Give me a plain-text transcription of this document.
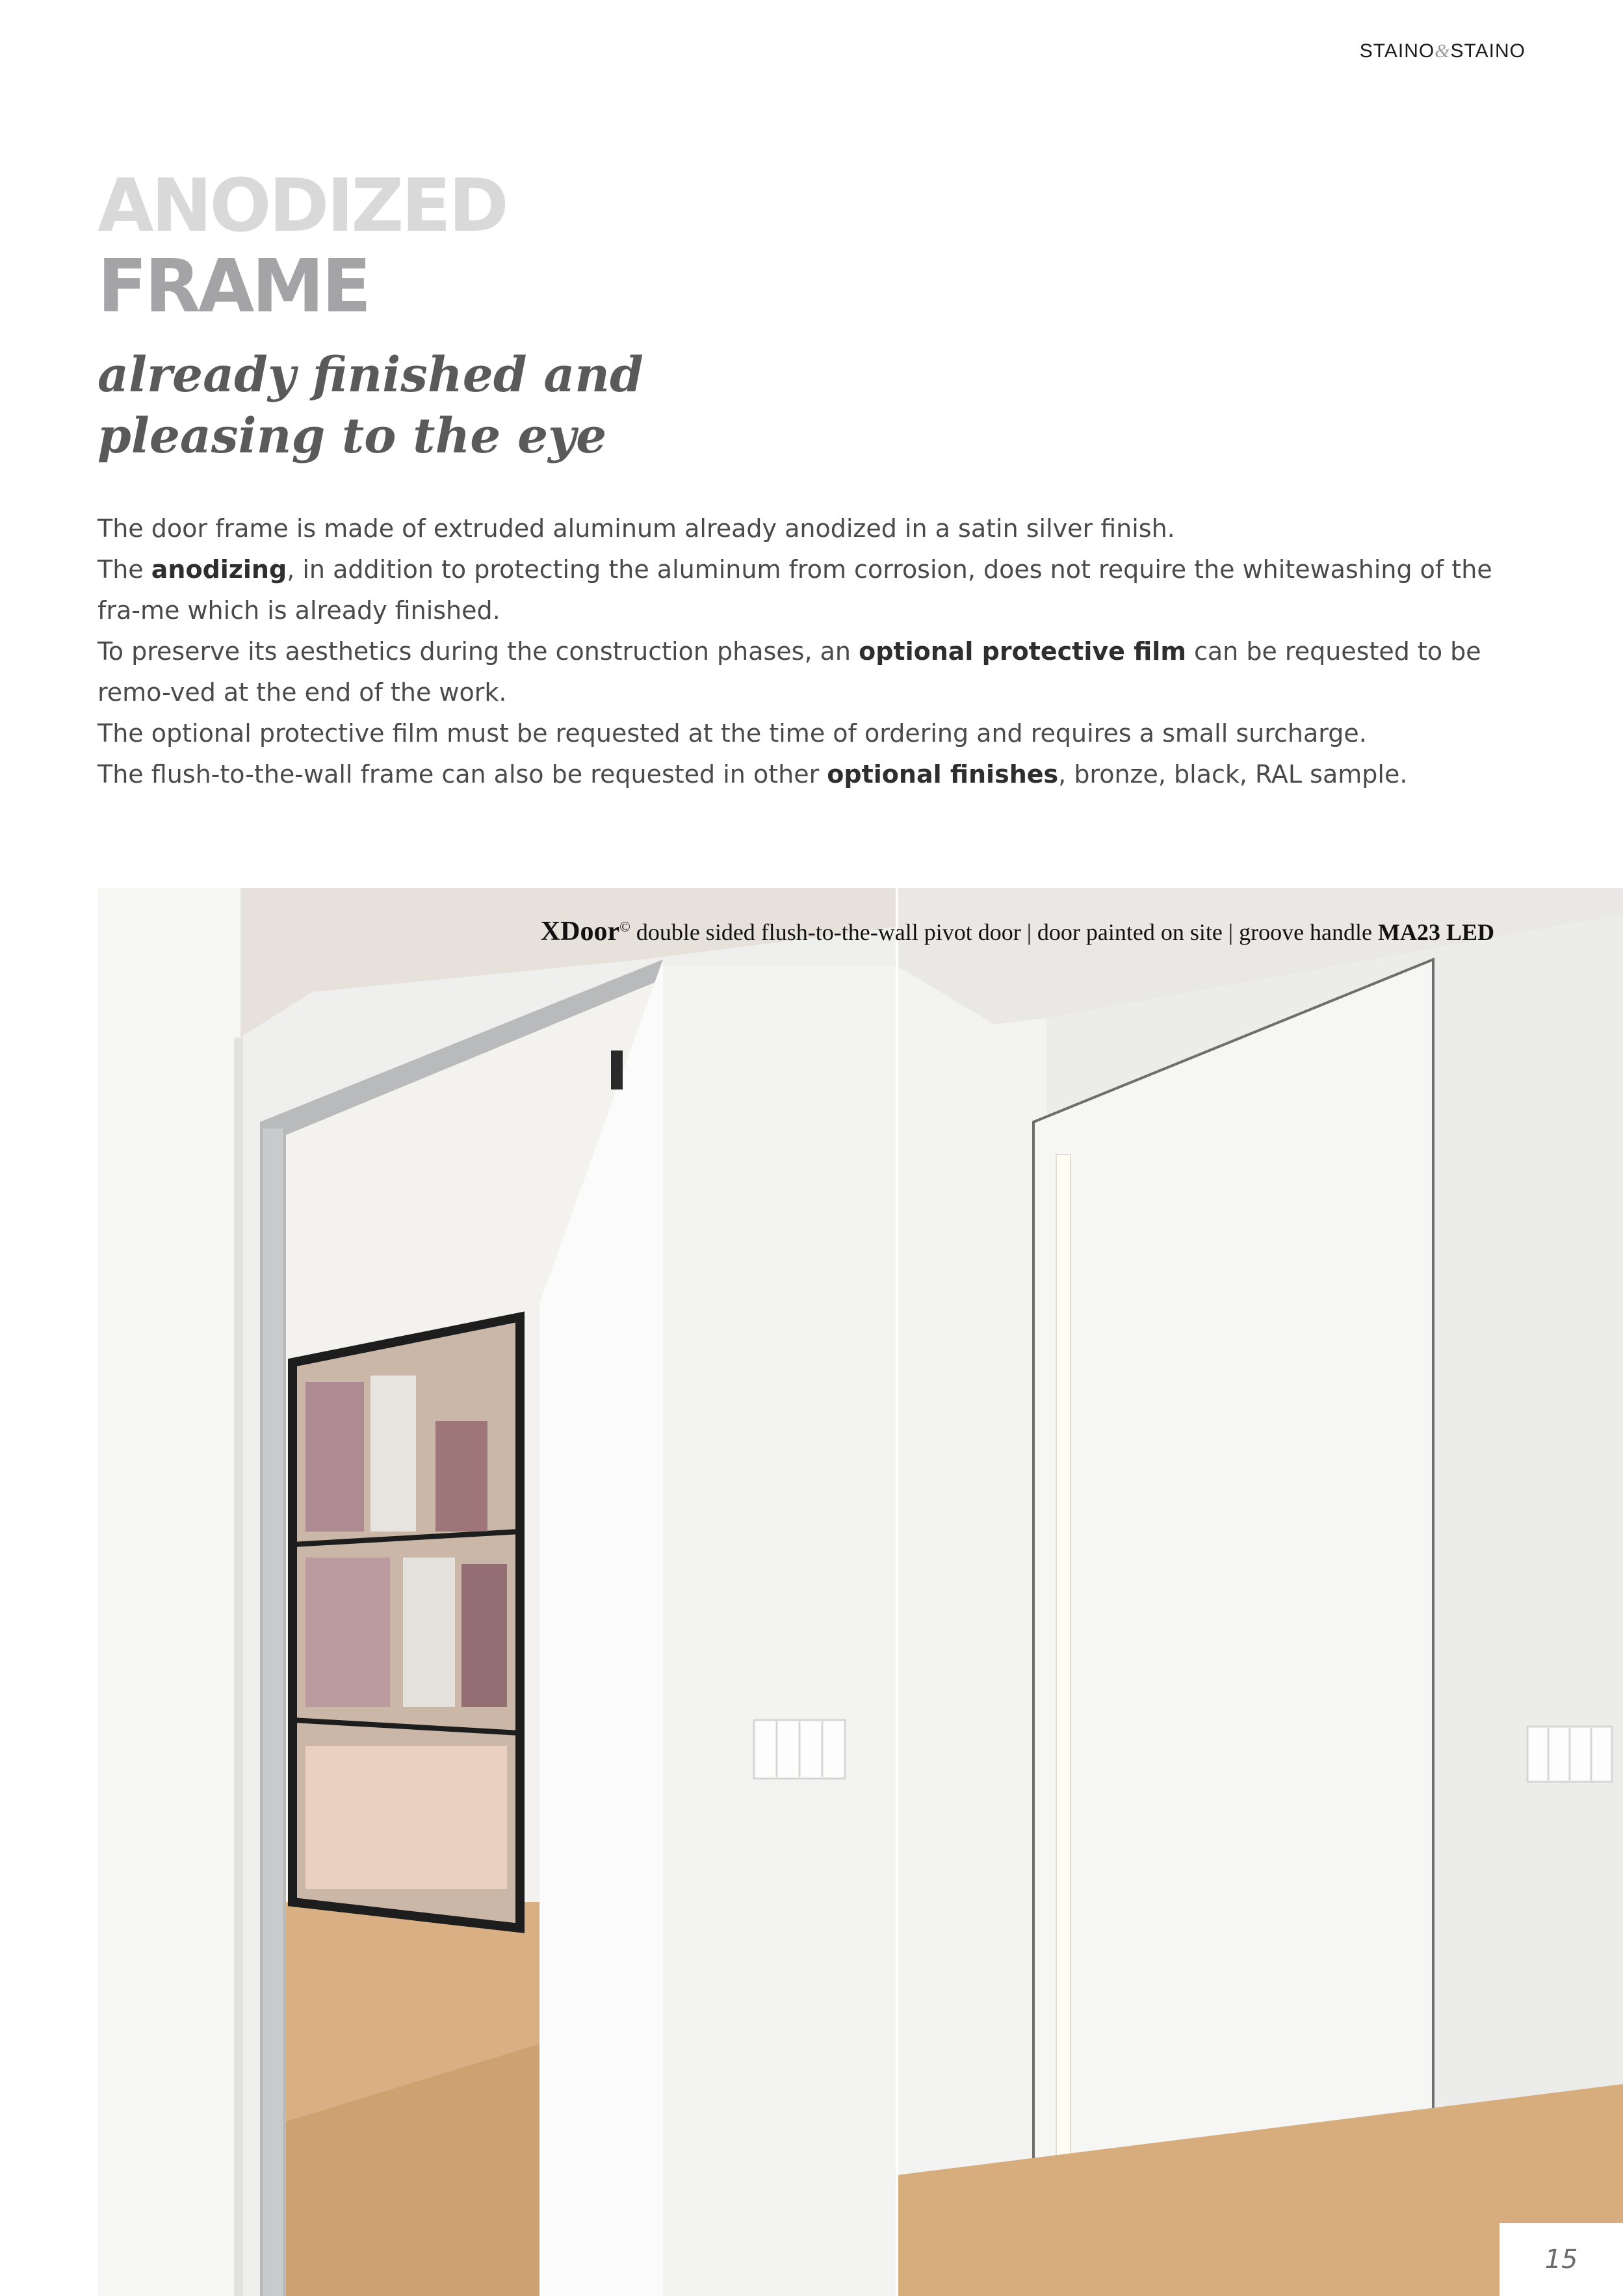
STAINO&STAINO
ANODIZED
FRAME
already finished and
pleasing to the eye

The door frame is made of extruded aluminum already anodized in a satin silver finish.

The anodizing, in addition to protecting the aluminum from corrosion, does not require the whitewashing of the fra-me which is already finished.

To preserve its aesthetics during the construction phases, an optional protective film can be requested to be remo-ved at the end of the work.

The optional protective film must be requested at the time of ordering and requires a small surcharge.

The flush-to-the-wall frame can also be requested in other optional finishes, bronze, black, RAL sample.

XDoor© double sided flush-to-the-wall pivot door | door painted on site | groove handle MA23 LED
15
